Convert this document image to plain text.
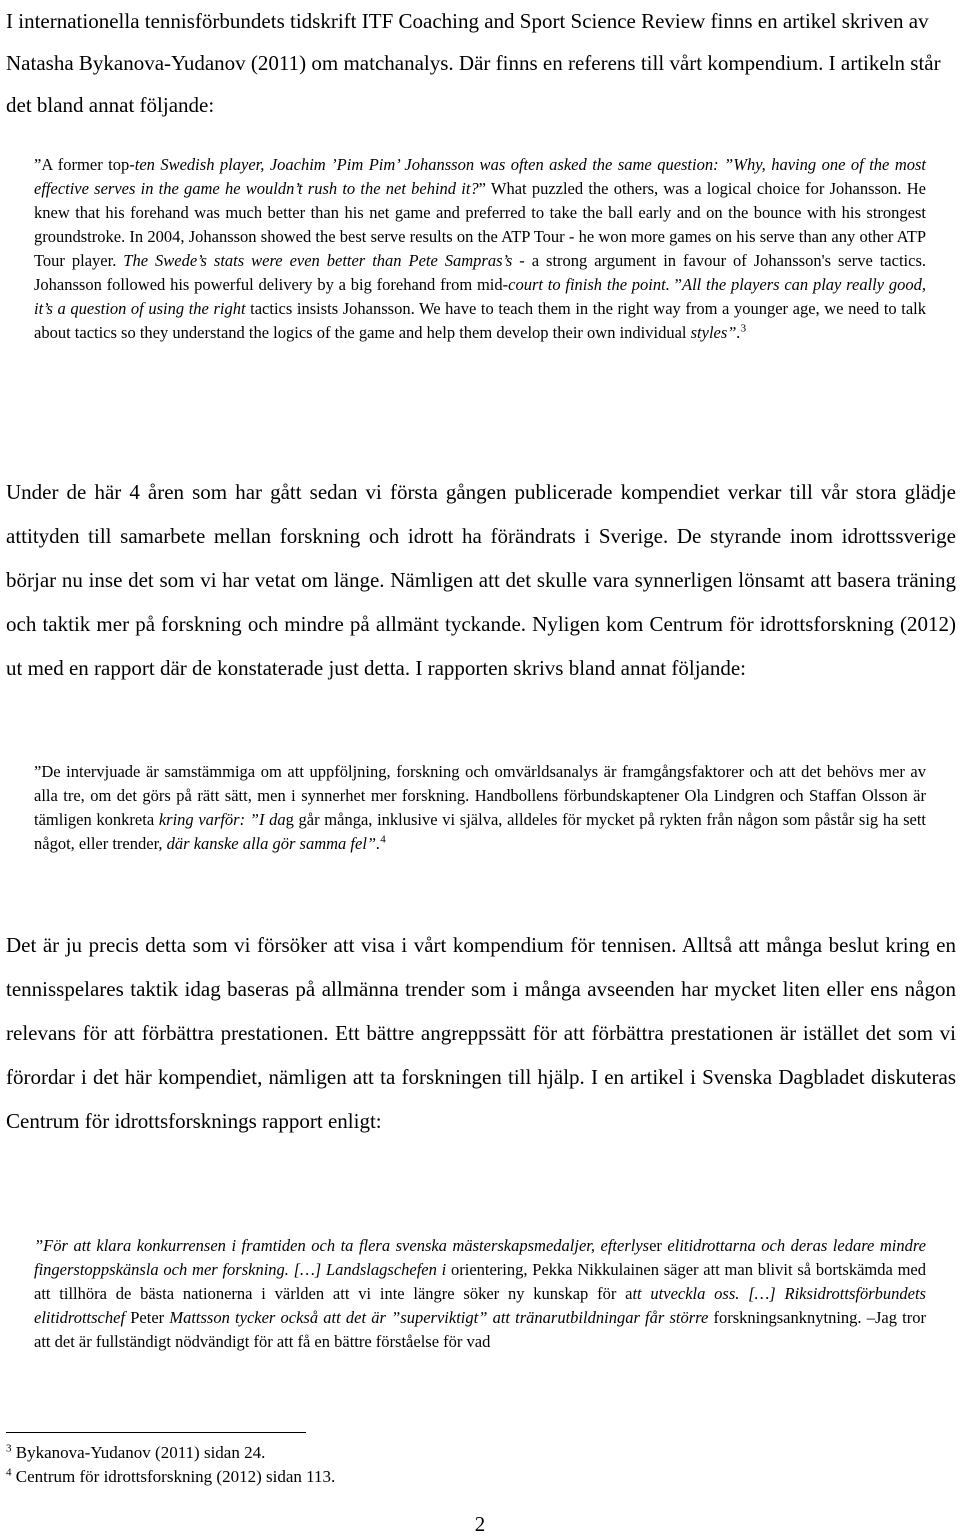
I internationella tennisförbundets tidskrift ITF Coaching and Sport Science Review finns en artikel skriven av Natasha Bykanova-Yudanov (2011) om matchanalys. Där finns en referens till vårt kompendium. I artikeln står det bland annat följande:

”A former top-ten Swedish player, Joachim ’Pim Pim’ Johansson was often asked the same question: ”Why, having one of the most effective serves in the game he wouldn’t rush to the net behind it?” What puzzled the others, was a logical choice for Johansson. He knew that his forehand was much better than his net game and preferred to take the ball early and on the bounce with his strongest groundstroke. In 2004, Johansson showed the best serve results on the ATP Tour - he won more games on his serve than any other ATP Tour player. The Swede’s stats were even better than Pete Sampras’s - a strong argument in favour of Johansson's serve tactics. Johansson followed his powerful delivery by a big forehand from mid-court to finish the point. ”All the players can play really good, it’s a question of using the right tactics insists Johansson. We have to teach them in the right way from a younger age, we need to talk about tactics so they understand the logics of the game and help them develop their own individual styles”.$^3$

Under de här 4 åren som har gått sedan vi första gången publicerade kompendiet verkar till vår stora glädje attityden till samarbete mellan forskning och idrott ha förändrats i Sverige. De styrande inom idrottssverige börjar nu inse det som vi har vetat om länge. Nämligen att det skulle vara synnerligen lönsamt att basera träning och taktik mer på forskning och mindre på allmänt tyckande. Nyligen kom Centrum för idrottsforskning (2012) ut med en rapport där de konstaterade just detta. I rapporten skrivs bland annat följande:

”De intervjuade är samstämmiga om att uppföljning, forskning och omvärldsanalys är framgångsfaktorer och att det behövs mer av alla tre, om det görs på rätt sätt, men i synnerhet mer forskning. Handbollens förbundskaptener Ola Lindgren och Staffan Olsson är tämligen konkreta kring varför: ”I dag går många, inklusive vi själva, alldeles för mycket på rykten från någon som påstår sig ha sett något, eller trender, där kanske alla gör samma fel”.$^4$

Det är ju precis detta som vi försöker att visa i vårt kompendium för tennisen. Alltså att många beslut kring en tennisspelares taktik idag baseras på allmänna trender som i många avseenden har mycket liten eller ens någon relevans för att förbättra prestationen. Ett bättre angreppssätt för att förbättra prestationen är istället det som vi förordar i det här kompendiet, nämligen att ta forskningen till hjälp. I en artikel i Svenska Dagbladet diskuteras Centrum för idrottsforsknings rapport enligt:

”För att klara konkurrensen i framtiden och ta flera svenska mästerskapsmedaljer, efterlyser elitidrottarna och deras ledare mindre fingerstoppskänsla och mer forskning. […] Landslagschefen i orientering, Pekka Nikkulainen säger att man blivit så bortskämda med att tillhöra de bästa nationerna i världen att vi inte längre söker ny kunskap för att utveckla oss. […] Riksidrottsförbundets elitidrottschef Peter Mattsson tycker också att det är ”superviktigt” att tränarutbildningar får större forskningsanknytning. –Jag tror att det är fullständigt nödvändigt för att få en bättre förståelse för vad

$^3$ Bykanova-Yudanov (2011) sidan 24.

$^4$ Centrum för idrottsforskning (2012) sidan 113.

2
